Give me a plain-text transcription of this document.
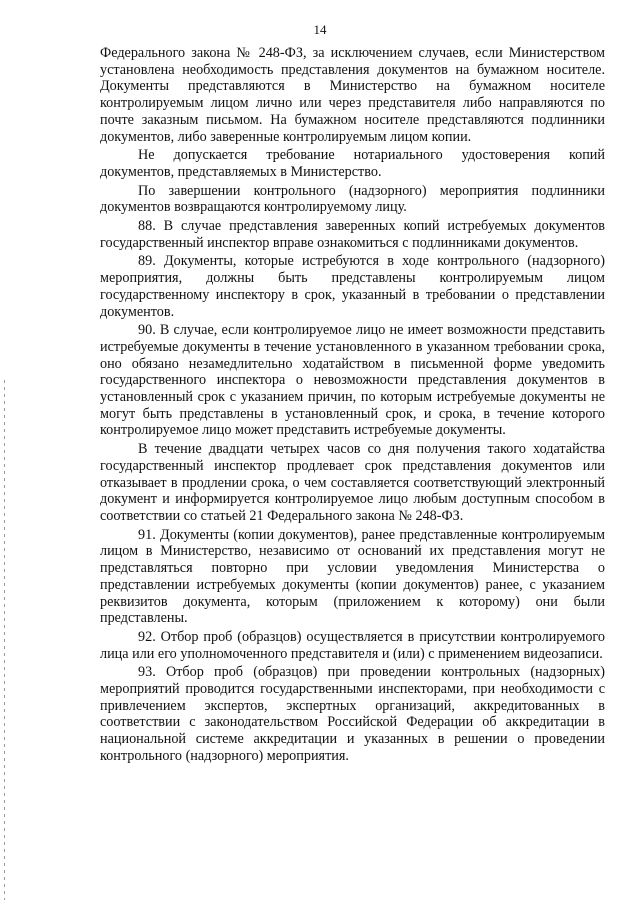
14

Федерального закона № 248-ФЗ, за исключением случаев, если Министерством установлена необходимость представления документов на бумажном носителе. Документы представляются в Министерство на бумажном носителе контролируемым лицом лично или через представителя либо направляются по почте заказным письмом. На бумажном носителе представляются подлинники документов, либо заверенные контролируемым лицом копии.

Не допускается требование нотариального удостоверения копий документов, представляемых в Министерство.

По завершении контрольного (надзорного) мероприятия подлинники документов возвращаются контролируемому лицу.

88. В случае представления заверенных копий истребуемых документов государственный инспектор вправе ознакомиться с подлинниками документов.

89. Документы, которые истребуются в ходе контрольного (надзорного) мероприятия, должны быть представлены контролируемым лицом государственному инспектору в срок, указанный в требовании о представлении документов.

90. В случае, если контролируемое лицо не имеет возможности представить истребуемые документы в течение установленного в указанном требовании срока, оно обязано незамедлительно ходатайством в письменной форме уведомить государственного инспектора о невозможности представления документов в установленный срок с указанием причин, по которым истребуемые документы не могут быть представлены в установленный срок, и срока, в течение которого контролируемое лицо может представить истребуемые документы.

В течение двадцати четырех часов со дня получения такого ходатайства государственный инспектор продлевает срок представления документов или отказывает в продлении срока, о чем составляется соответствующий электронный документ и информируется контролируемое лицо любым доступным способом в соответствии со статьей 21 Федерального закона № 248-ФЗ.

91. Документы (копии документов), ранее представленные контролируемым лицом в Министерство, независимо от оснований их представления могут не представляться повторно при условии уведомления Министерства о представлении истребуемых документы (копии документов) ранее, с указанием реквизитов документа, которым (приложением к которому) они были представлены.

92. Отбор проб (образцов) осуществляется в присутствии контролируемого лица или его уполномоченного представителя и (или) с применением видеозаписи.

93. Отбор проб (образцов) при проведении контрольных (надзорных) мероприятий проводится государственными инспекторами, при необходимости с привлечением экспертов, экспертных организаций, аккредитованных в соответствии с законодательством Российской Федерации об аккредитации в национальной системе аккредитации и указанных в решении о проведении контрольного (надзорного) мероприятия.
